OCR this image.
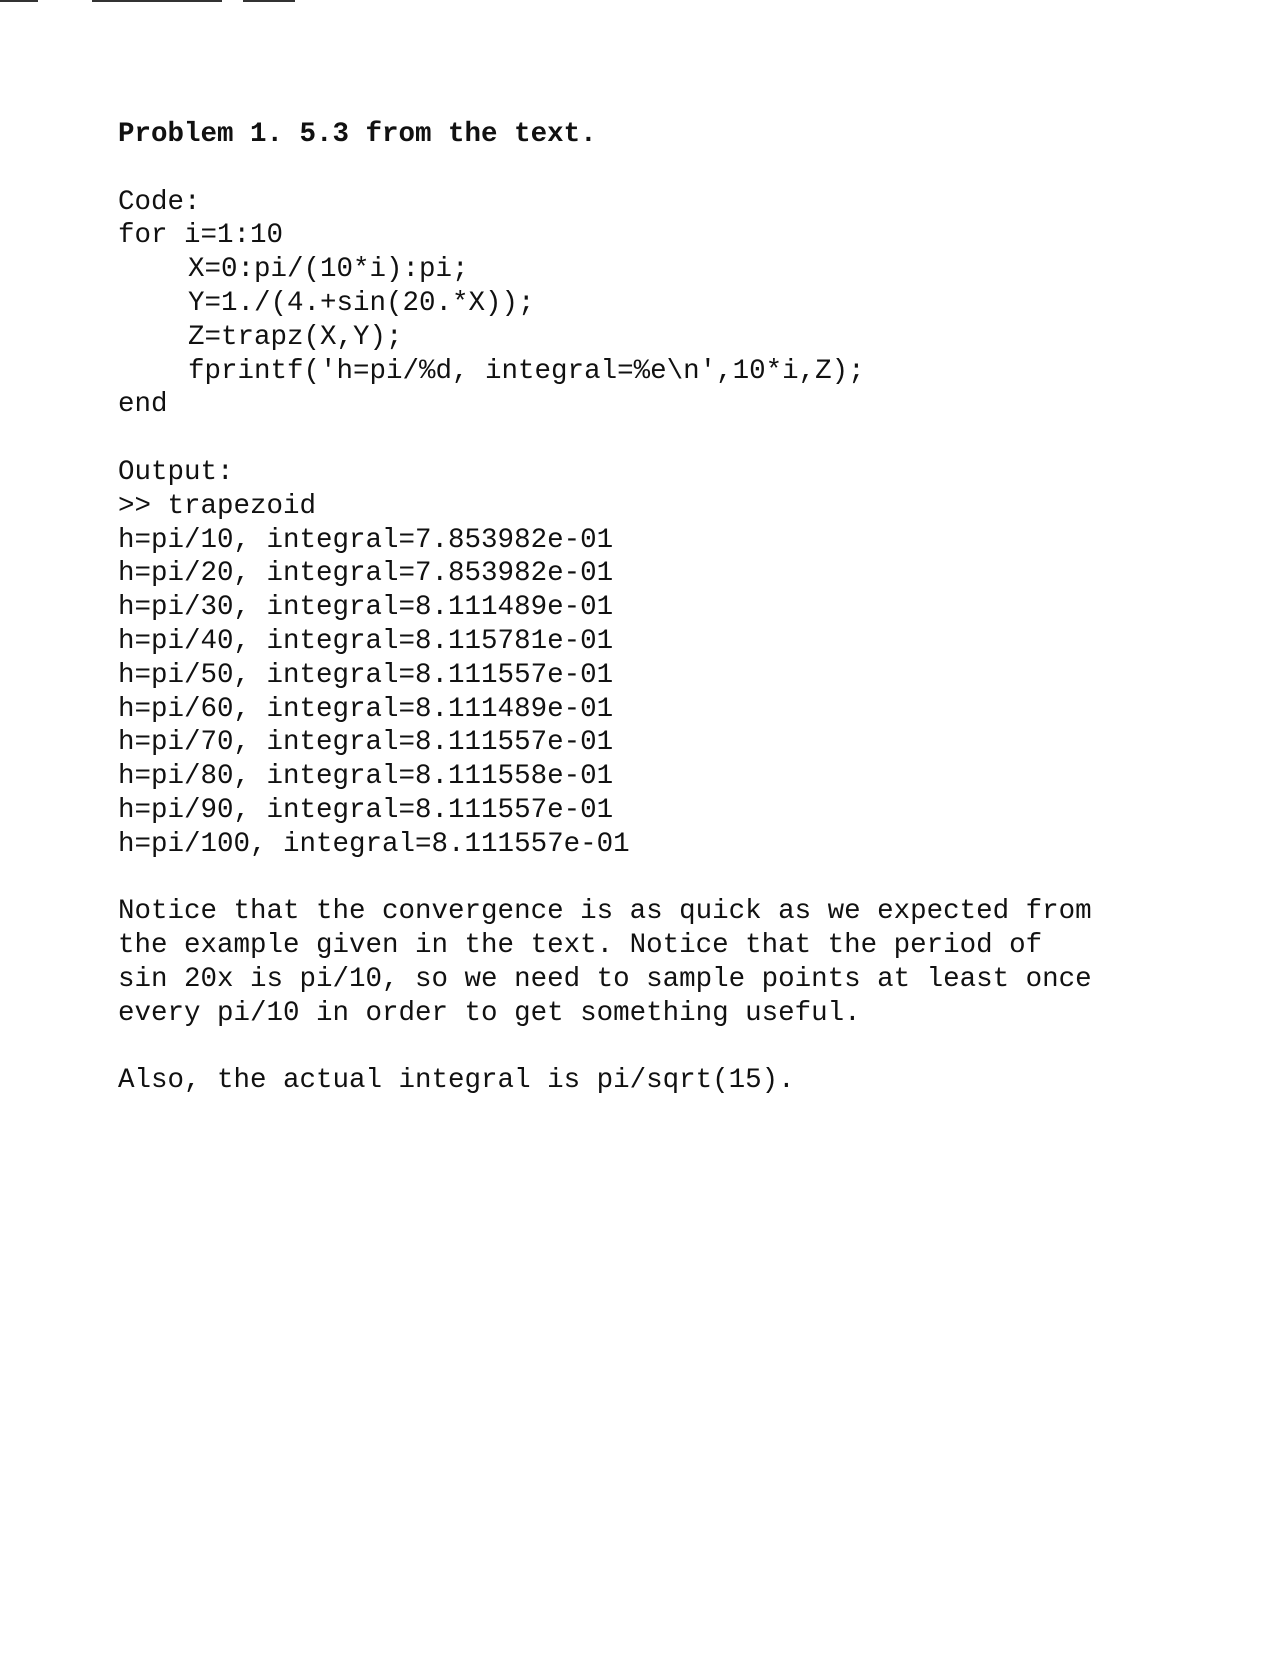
Problem 1. 5.3 from the text.

Code:

for i=1:10

X=0:pi/(10*i):pi;

Y=1./(4.+sin(20.*X));

Z=trapz(X,Y);

fprintf('h=pi/%d, integral=%e\n',10*i,Z);

end

Output:

>> trapezoid

h=pi/10, integral=7.853982e-01

h=pi/20, integral=7.853982e-01

h=pi/30, integral=8.111489e-01

h=pi/40, integral=8.115781e-01

h=pi/50, integral=8.111557e-01

h=pi/60, integral=8.111489e-01

h=pi/70, integral=8.111557e-01

h=pi/80, integral=8.111558e-01

h=pi/90, integral=8.111557e-01

h=pi/100, integral=8.111557e-01

Notice that the convergence is as quick as we expected from
the example given in the text. Notice that the period of
sin 20x is pi/10, so we need to sample points at least once
every pi/10 in order to get something useful.

Also, the actual integral is pi/sqrt(15).
